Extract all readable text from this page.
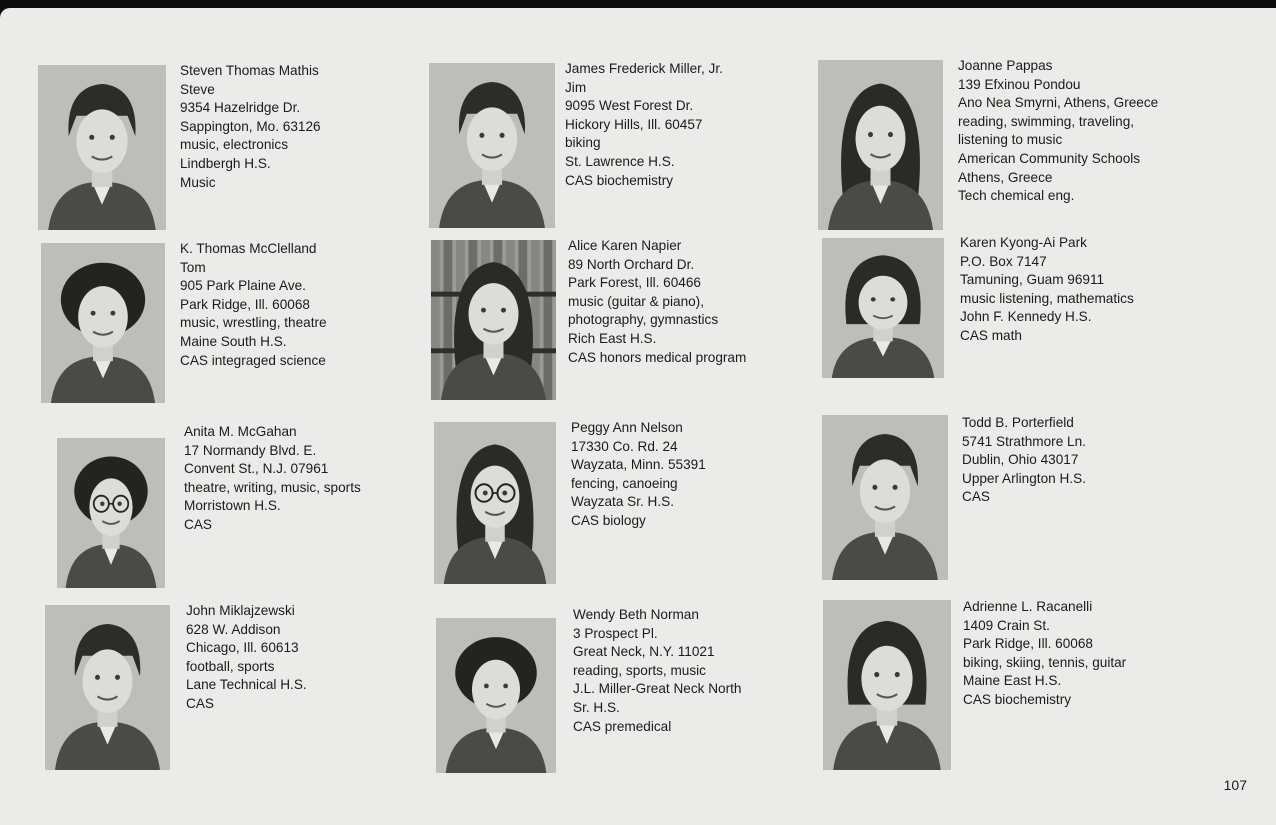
Steven Thomas Mathis
Steve
9354 Hazelridge Dr.
Sappington, Mo. 63126
music, electronics
Lindbergh H.S.
Music
James Frederick Miller, Jr.
Jim
9095 West Forest Dr.
Hickory Hills, Ill. 60457
biking
St. Lawrence H.S.
CAS biochemistry
Joanne Pappas
139 Efxinou Pondou
Ano Nea Smyrni, Athens, Greece
reading, swimming, traveling,
listening to music
American Community Schools
Athens, Greece
Tech chemical eng.
K. Thomas McClelland
Tom
905 Park Plaine Ave.
Park Ridge, Ill. 60068
music, wrestling, theatre
Maine South H.S.
CAS integraged science
Alice Karen Napier
89 North Orchard Dr.
Park Forest, Ill. 60466
music (guitar & piano),
photography, gymnastics
Rich East H.S.
CAS honors medical program
Karen Kyong-Ai Park
P.O. Box 7147
Tamuning, Guam 96911
music listening, mathematics
John F. Kennedy H.S.
CAS math
Anita M. McGahan
17 Normandy Blvd. E.
Convent St., N.J. 07961
theatre, writing, music, sports
Morristown H.S.
CAS
Peggy Ann Nelson
17330 Co. Rd. 24
Wayzata, Minn. 55391
fencing, canoeing
Wayzata Sr. H.S.
CAS biology
Todd B. Porterfield
5741 Strathmore Ln.
Dublin, Ohio 43017
Upper Arlington H.S.
CAS
John Miklajzewski
628 W. Addison
Chicago, Ill. 60613
football, sports
Lane Technical H.S.
CAS
Wendy Beth Norman
3 Prospect Pl.
Great Neck, N.Y. 11021
reading, sports, music
J.L. Miller-Great Neck North
Sr. H.S.
CAS premedical
Adrienne L. Racanelli
1409 Crain St.
Park Ridge, Ill. 60068
biking, skiing, tennis, guitar
Maine East H.S.
CAS biochemistry
107
